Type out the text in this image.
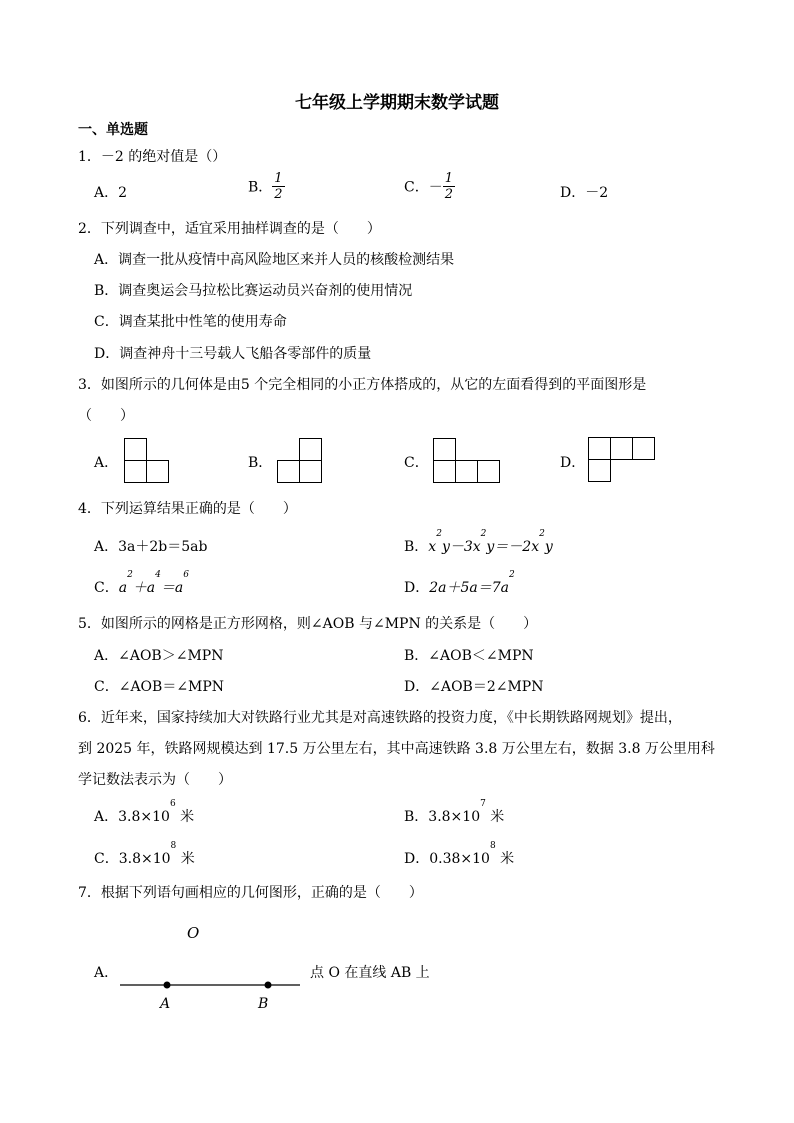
七年级上学期期末数学试题
一、单选题
1．－2 的绝对值是（）
A．2	B． $\frac{1}{2}$	C．－ $\frac{1}{2}$	D．－2
2．下列调查中，适宜采用抽样调查的是（　　）
A．调查一批从疫情中高风险地区来并人员的核酸检测结果
B．调查奥运会马拉松比赛运动员兴奋剂的使用情况
C．调查某批中性笔的使用寿命
D．调查神舟十三号载人飞船各零部件的质量
3．如图所示的几何体是由5 个完全相同的小正方体搭成的，从它的左面看得到的平面图形是
（　　）
A．	B．	C．	D．
4．下列运算结果正确的是（　　）
A．3a＋2b＝5ab	B．$x^2y-3x^2y=-2x^2y$
C．$a^2+a^4=a^6$
D．$2a+5a=7a^2$
5．如图所示的网格是正方形网格，则∠AOB 与∠MPN 的关系是（　　）
A．∠AOB＞∠MPN	B．∠AOB＜∠MPN
C．∠AOB＝∠MPN	D．∠AOB＝2∠MPN
6．近年来，国家持续加大对铁路行业尤其是对高速铁路的投资力度，《中长期铁路网规划》提出，
到 2025 年，铁路网规模达到 17.5 万公里左右，其中高速铁路 3.8 万公里左右，数据 3.8 万公里用科
学记数法表示为（　　）
A．$3.8\times 10^6$ 米	B．$3.8\times 10^7$ 米
C．$3.8\times 10^8$ 米	D．$0.38\times 10^8$ 米
7．根据下列语句画相应的几何图形，正确的是（　　）
A．
O
A	B
点 O 在直线 AB 上
